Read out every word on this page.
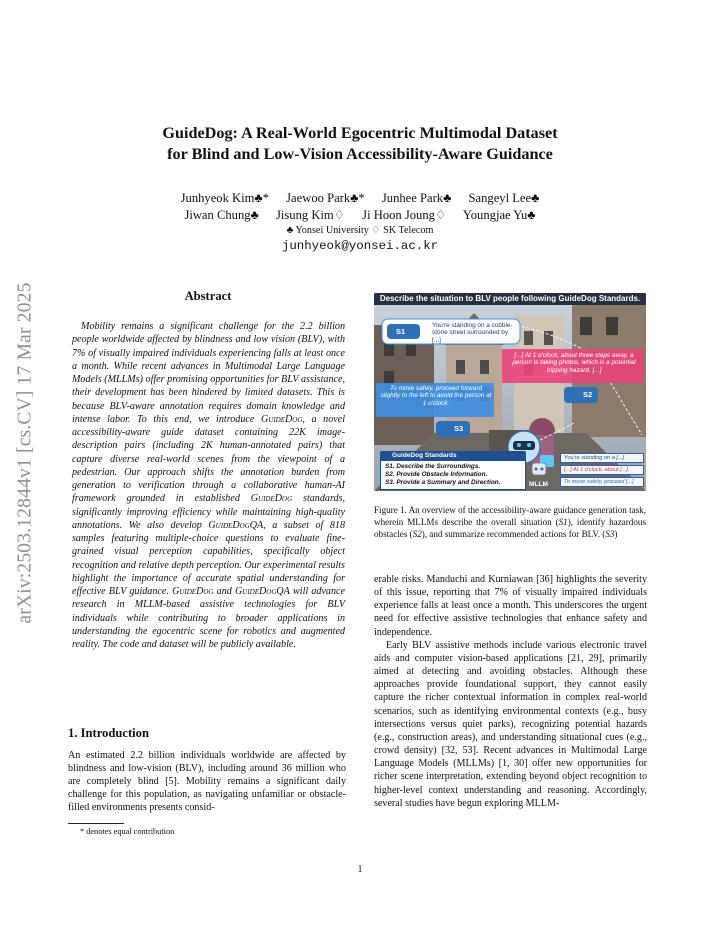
arXiv:2503.12844v1 [cs.CV] 17 Mar 2025
GuideDog: A Real-World Egocentric Multimodal Dataset
for Blind and Low-Vision Accessibility-Aware Guidance
Junhyeok Kim♣* Jaewoo Park♣* Junhee Park♣ Sangeyl Lee♣
Jiwan Chung♣ Jisung Kim♢ Ji Hoon Joung♢ Youngjae Yu♣
♣ Yonsei University ♢ SK Telecom
junhyeok@yonsei.ac.kr
Abstract

Mobility remains a significant challenge for the 2.2 billion people worldwide affected by blindness and low vision (BLV), with 7% of visually impaired individuals experiencing falls at least once a month. While recent advances in Multimodal Large Language Models (MLLMs) offer promising opportunities for BLV assistance, their development has been hindered by limited datasets. This is because BLV-aware annotation requires domain knowledge and intense labor. To this end, we introduce GuideDog, a novel accessibility-aware guide dataset containing 22K image-description pairs (including 2K human-annotated pairs) that capture diverse real-world scenes from the viewpoint of a pedestrian. Our approach shifts the annotation burden from generation to verification through a collaborative human-AI framework grounded in established GuideDog standards, significantly improving efficiency while maintaining high-quality annotations. We also develop GuideDogQA, a subset of 818 samples featuring multiple-choice questions to evaluate fine-grained visual perception capabilities, specifically object recognition and relative depth perception. Our experimental results highlight the importance of accurate spatial understanding for effective BLV guidance. GuideDog and GuideDogQA will advance research in MLLM-based assistive technologies for BLV individuals while contributing to broader applications in understanding the egocentric scene for robotics and augmented reality. The code and dataset will be publicly available.

1. Introduction
An estimated 2.2 billion individuals worldwide are affected by blindness and low-vision (BLV), including around 36 million who are completely blind [5]. Mobility remains a significant daily challenge for this population, as navigating unfamiliar or obstacle-filled environments presents consid-
* denotes equal contribution
Describe the situation to BLV people following GuideDog Standards.
S1
You're standing on a cobble-stone street surrounded by [...]
[...] At 1 o'clock, about three steps away, a person is taking photos, which is a potential tripping hazard. [...]
S2
To move safely, proceed forward slightly to the left to avoid the person at 1 o'clock.
S3
GuideDog Standards
S1. Describe the Surroundings.
S2. Provide Obstacle Information.
S3. Provide a Summary and Direction.	MLLM
You're standing on a [...]
[...] At 1 o'clock, about [...]
To move safely, proceed [...]
Figure 1. An overview of the accessibility-aware guidance generation task, wherein MLLMs describe the overall situation (S1), identify hazardous obstacles (S2), and summarize recommended actions for BLV. (S3)

erable risks. Manduchi and Kurniawan [36] highlights the severity of this issue, reporting that 7% of visually impaired individuals experience falls at least once a month. This underscores the urgent need for effective assistive technologies that enhance safety and independence.

Early BLV assistive methods include various electronic travel aids and computer vision-based applications [21, 29], primarily aimed at detecting and avoiding obstacles. Although these approaches provide foundational support, they cannot easily capture the richer contextual information in complex real-world scenarios, such as identifying environmental contexts (e.g., busy intersections versus quiet parks), recognizing potential hazards (e.g., construction areas), and understanding situational cues (e.g., crowd density) [32, 53]. Recent advances in Multimodal Large Language Models (MLLMs) [1, 30] offer new opportunities for richer scene interpretation, extending beyond object recognition to higher-level context understanding and reasoning. Accordingly, several studies have begun exploring MLLM-

1
